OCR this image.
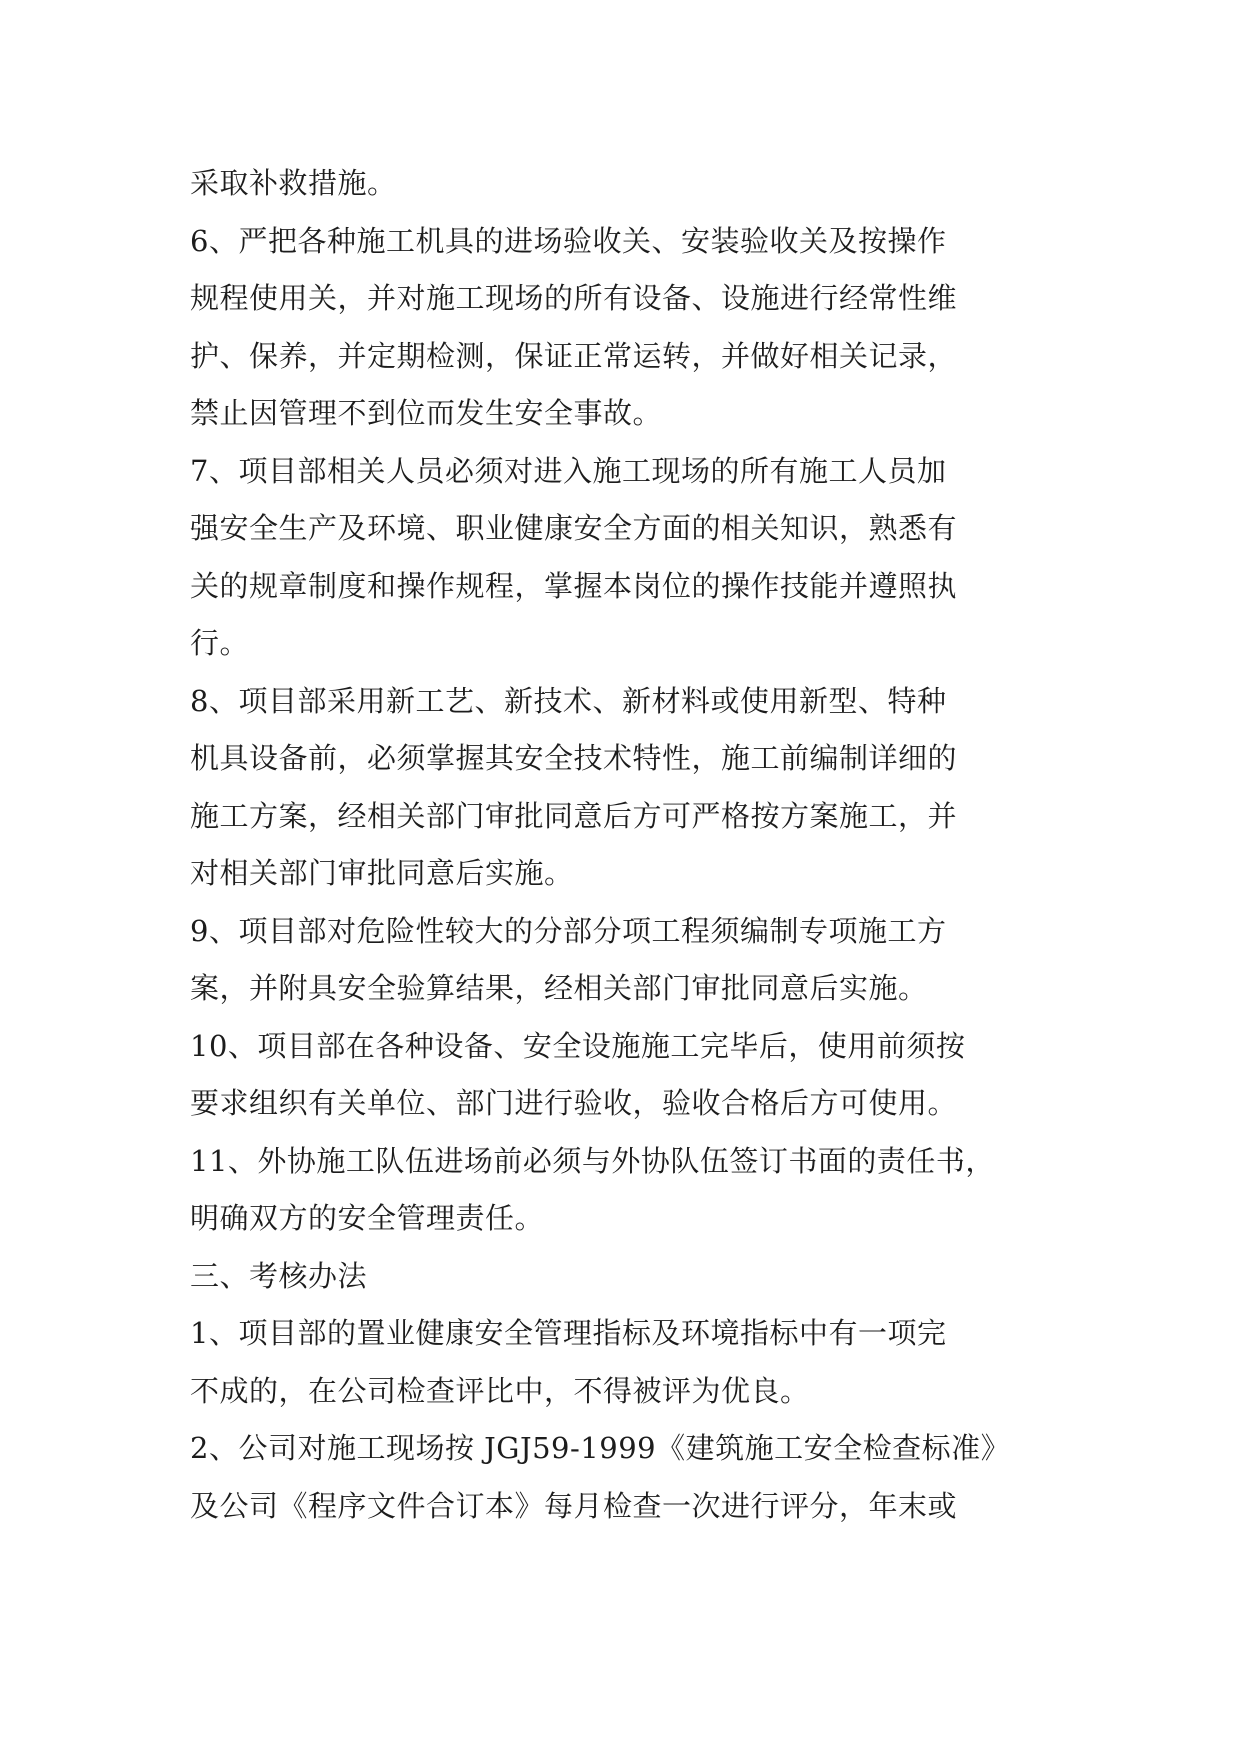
采取补救措施。
6、严把各种施工机具的进场验收关、安装验收关及按操作
规程使用关，并对施工现场的所有设备、设施进行经常性维
护、保养，并定期检测，保证正常运转，并做好相关记录，
禁止因管理不到位而发生安全事故。
7、项目部相关人员必须对进入施工现场的所有施工人员加
强安全生产及环境、职业健康安全方面的相关知识，熟悉有
关的规章制度和操作规程，掌握本岗位的操作技能并遵照执
行。
8、项目部采用新工艺、新技术、新材料或使用新型、特种
机具设备前，必须掌握其安全技术特性，施工前编制详细的
施工方案，经相关部门审批同意后方可严格按方案施工，并
对相关部门审批同意后实施。
9、项目部对危险性较大的分部分项工程须编制专项施工方
案，并附具安全验算结果，经相关部门审批同意后实施。
10、项目部在各种设备、安全设施施工完毕后，使用前须按
要求组织有关单位、部门进行验收，验收合格后方可使用。
11、外协施工队伍进场前必须与外协队伍签订书面的责任书，
明确双方的安全管理责任。
三、考核办法
1、项目部的置业健康安全管理指标及环境指标中有一项完
不成的，在公司检查评比中，不得被评为优良。
2、公司对施工现场按 JGJ59-1999《建筑施工安全检查标准》
及公司《程序文件合订本》每月检查一次进行评分，年末或
